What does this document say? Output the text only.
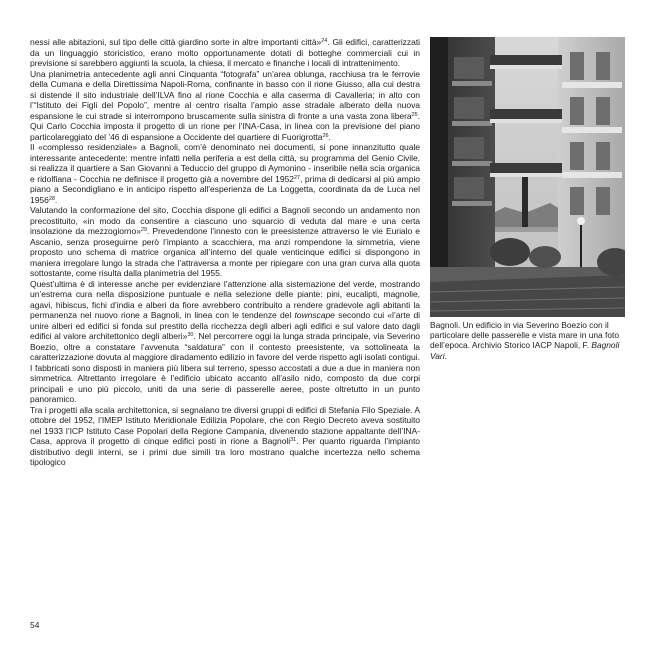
nessi alle abitazioni, sul tipo delle città giardino sorte in altre importanti città»$^{24}$. Gli edifici, caratterizzati da un linguaggio storicistico, erano molto opportunamente dotati di botteghe commerciali cui in previsione si sarebbero aggiunti la scuola, la chiesa, il mercato e finanche i locali di intrattenimento.

Una planimetria antecedente agli anni Cinquanta “fotografa” un’area oblunga, racchiusa tra le ferrovie della Cumana e della Direttissima Napoli-Roma, confinante in basso con il rione Giusso, alla cui destra si distende il sito industriale dell’ILVA fino al rione Cocchia e alla caserma di Cavalleria; in alto con l’“Istituto dei Figli del Popolo”, mentre al centro risalta l’ampio asse stradale alberato della nuova espansione le cui strade si interrompono bruscamente sulla sinistra di fronte a una vasta zona libera$^{25}$. Qui Carlo Cocchia imposta il progetto di un rione per l’INA-Casa, in linea con la previsione del piano particolareggiato del ’46 di espansione a Occidente del quartiere di Fuorigrotta$^{26}$.

Il «complesso residenziale» a Bagnoli, com’è denominato nei documenti, si pone innanzitutto quale interessante antecedente: mentre infatti nella periferia a est della città, su programma del Genio Civile, si realizza il quartiere a San Giovanni a Teduccio del gruppo di Aymonino - inseribile nella scia organica e ridolfiana - Cocchia ne definisce il progetto già a novembre del 1952$^{27}$, prima di dedicarsi al più ampio piano a Secondigliano e in anticipo rispetto all’esperienza de La Loggetta, coordinata da de Luca nel 1956$^{28}$.

Valutando la conformazione del sito, Cocchia dispone gli edifici a Bagnoli secondo un andamento non precostituito, «in modo da consentire a ciascuno uno squarcio di veduta dal mare e una certa insolazione da mezzogiorno»$^{29}$. Prevedendone l’innesto con le preesistenze attraverso le vie Eurialo e Ascanio, senza proseguirne però l’impianto a scacchiera, ma anzi rompendone la simmetria, viene proposto uno schema di matrice organica all’interno del quale venticinque edifici si dispongono in maniera irregolare lungo la strada che l’attraversa a monte per ripiegare con una gran curva alla quota sottostante, come risulta dalla planimetria del 1955.

Quest’ultima è di interesse anche per evidenziare l’attenzione alla sistemazione del verde, mostrando un’estrema cura nella disposizione puntuale e nella selezione delle piante: pini, eucalipti, magnolie, agavi, hibiscus, fichi d’india e alberi da fiore avrebbero contribuito a rendere gradevole agli abitanti la permanenza nel nuovo rione a Bagnoli, in linea con le tendenze del townscape secondo cui «l’arte di unire alberi ed edifici si fonda sul prestito della ricchezza degli alberi agli edifici e sul valore dato dagli edifici al valore architettonico degli alberi»$^{30}$. Nel percorrere oggi la lunga strada principale, via Severino Boezio, oltre a constatare l’avvenuta “saldatura” con il contesto preesistente, va sottolineata la caratterizzazione dovuta al maggiore diradamento edilizio in favore del verde rispetto agli isolati contigui.

I fabbricati sono disposti in maniera più libera sul terreno, spesso accostati a due a due in maniera non simmetrica. Altrettanto irregolare è l’edificio ubicato accanto all’asilo nido, composto da due corpi principali e uno più piccolo, uniti da una serie di passerelle aeree, poste oltretutto in un punto panoramico.

Tra i progetti alla scala architettonica, si segnalano tre diversi gruppi di edifici di Stefania Filo Speziale. A ottobre del 1952, l’IMEP Istituto Meridionale Edilizia Popolare, che con Regio Decreto aveva sostituito nel 1933 l’ICP Istituto Case Popolari della Regione Campania, divenendo stazione appaltante dell’INA-Casa, approva il progetto di cinque edifici posti in rione a Bagnoli$^{31}$. Per quanto riguarda l’impianto distributivo degli interni, se i primi due simili tra loro mostrano qualche incertezza nello schema tipologico

Bagnoli. Un edificio in via Severino Boezio con il particolare delle passerelle e vista mare in una foto dell’epoca. Archivio Storico IACP Napoli, F. Bagnoli Vari.
54
